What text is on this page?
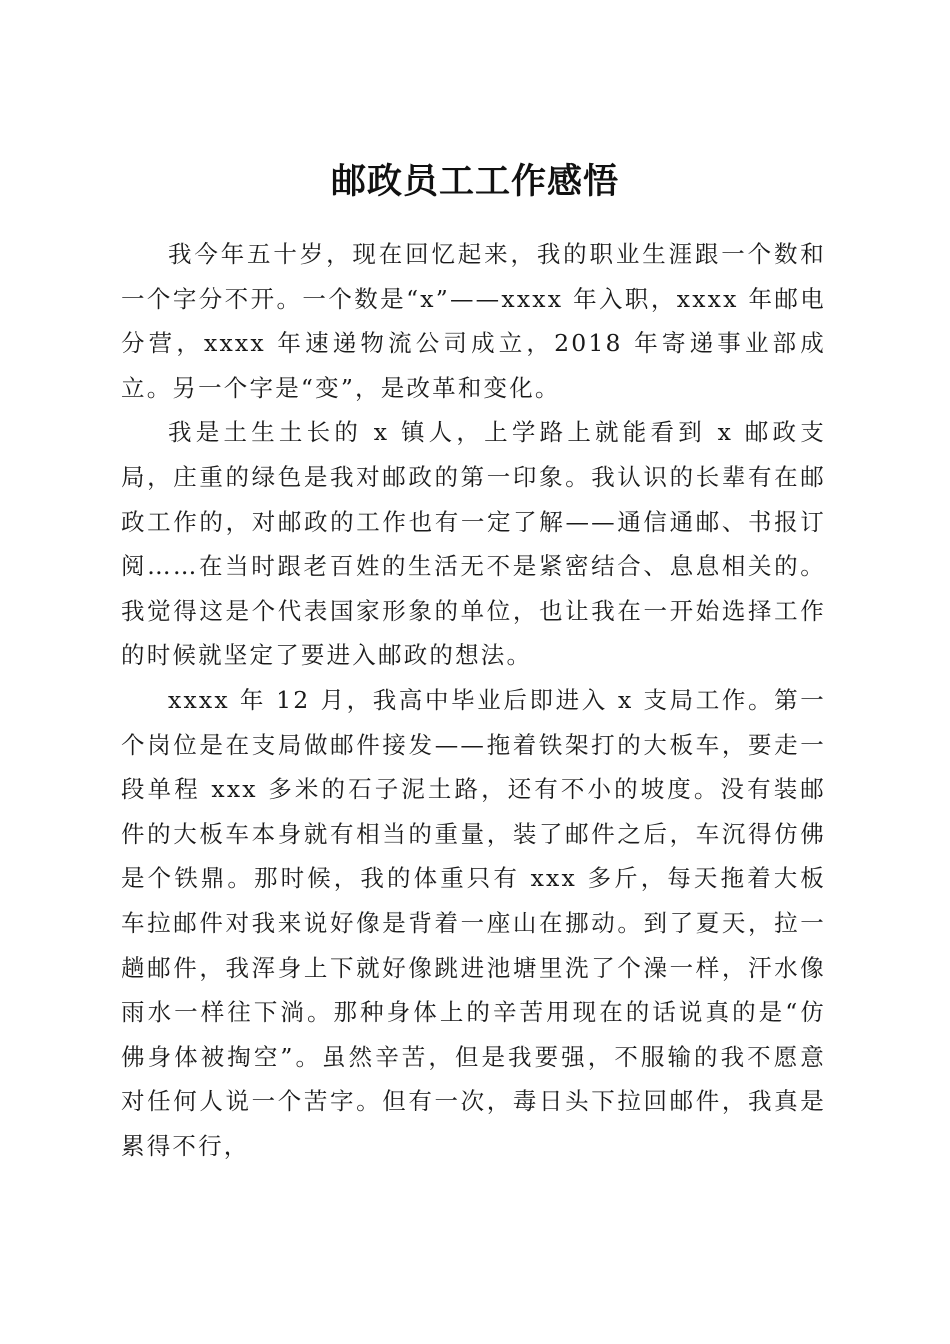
邮政员工工作感悟

我今年五十岁，现在回忆起来，我的职业生涯跟一个数和一个字分不开。一个数是“x”——xxxx 年入职，xxxx 年邮电分营，xxxx 年速递物流公司成立，2018 年寄递事业部成立。另一个字是“变”，是改革和变化。

我是土生土长的 x 镇人，上学路上就能看到 x 邮政支局，庄重的绿色是我对邮政的第一印象。我认识的长辈有在邮政工作的，对邮政的工作也有一定了解——通信通邮、书报订阅……在当时跟老百姓的生活无不是紧密结合、息息相关的。我觉得这是个代表国家形象的单位，也让我在一开始选择工作的时候就坚定了要进入邮政的想法。

xxxx 年 12 月，我高中毕业后即进入 x 支局工作。第一个岗位是在支局做邮件接发——拖着铁架打的大板车，要走一段单程 xxx 多米的石子泥土路，还有不小的坡度。没有装邮件的大板车本身就有相当的重量，装了邮件之后，车沉得仿佛是个铁鼎。那时候，我的体重只有 xxx 多斤，每天拖着大板车拉邮件对我来说好像是背着一座山在挪动。到了夏天，拉一趟邮件，我浑身上下就好像跳进池塘里洗了个澡一样，汗水像雨水一样往下淌。那种身体上的辛苦用现在的话说真的是“仿佛身体被掏空”。虽然辛苦，但是我要强，不服输的我不愿意对任何人说一个苦字。但有一次，毒日头下拉回邮件，我真是累得不行，
